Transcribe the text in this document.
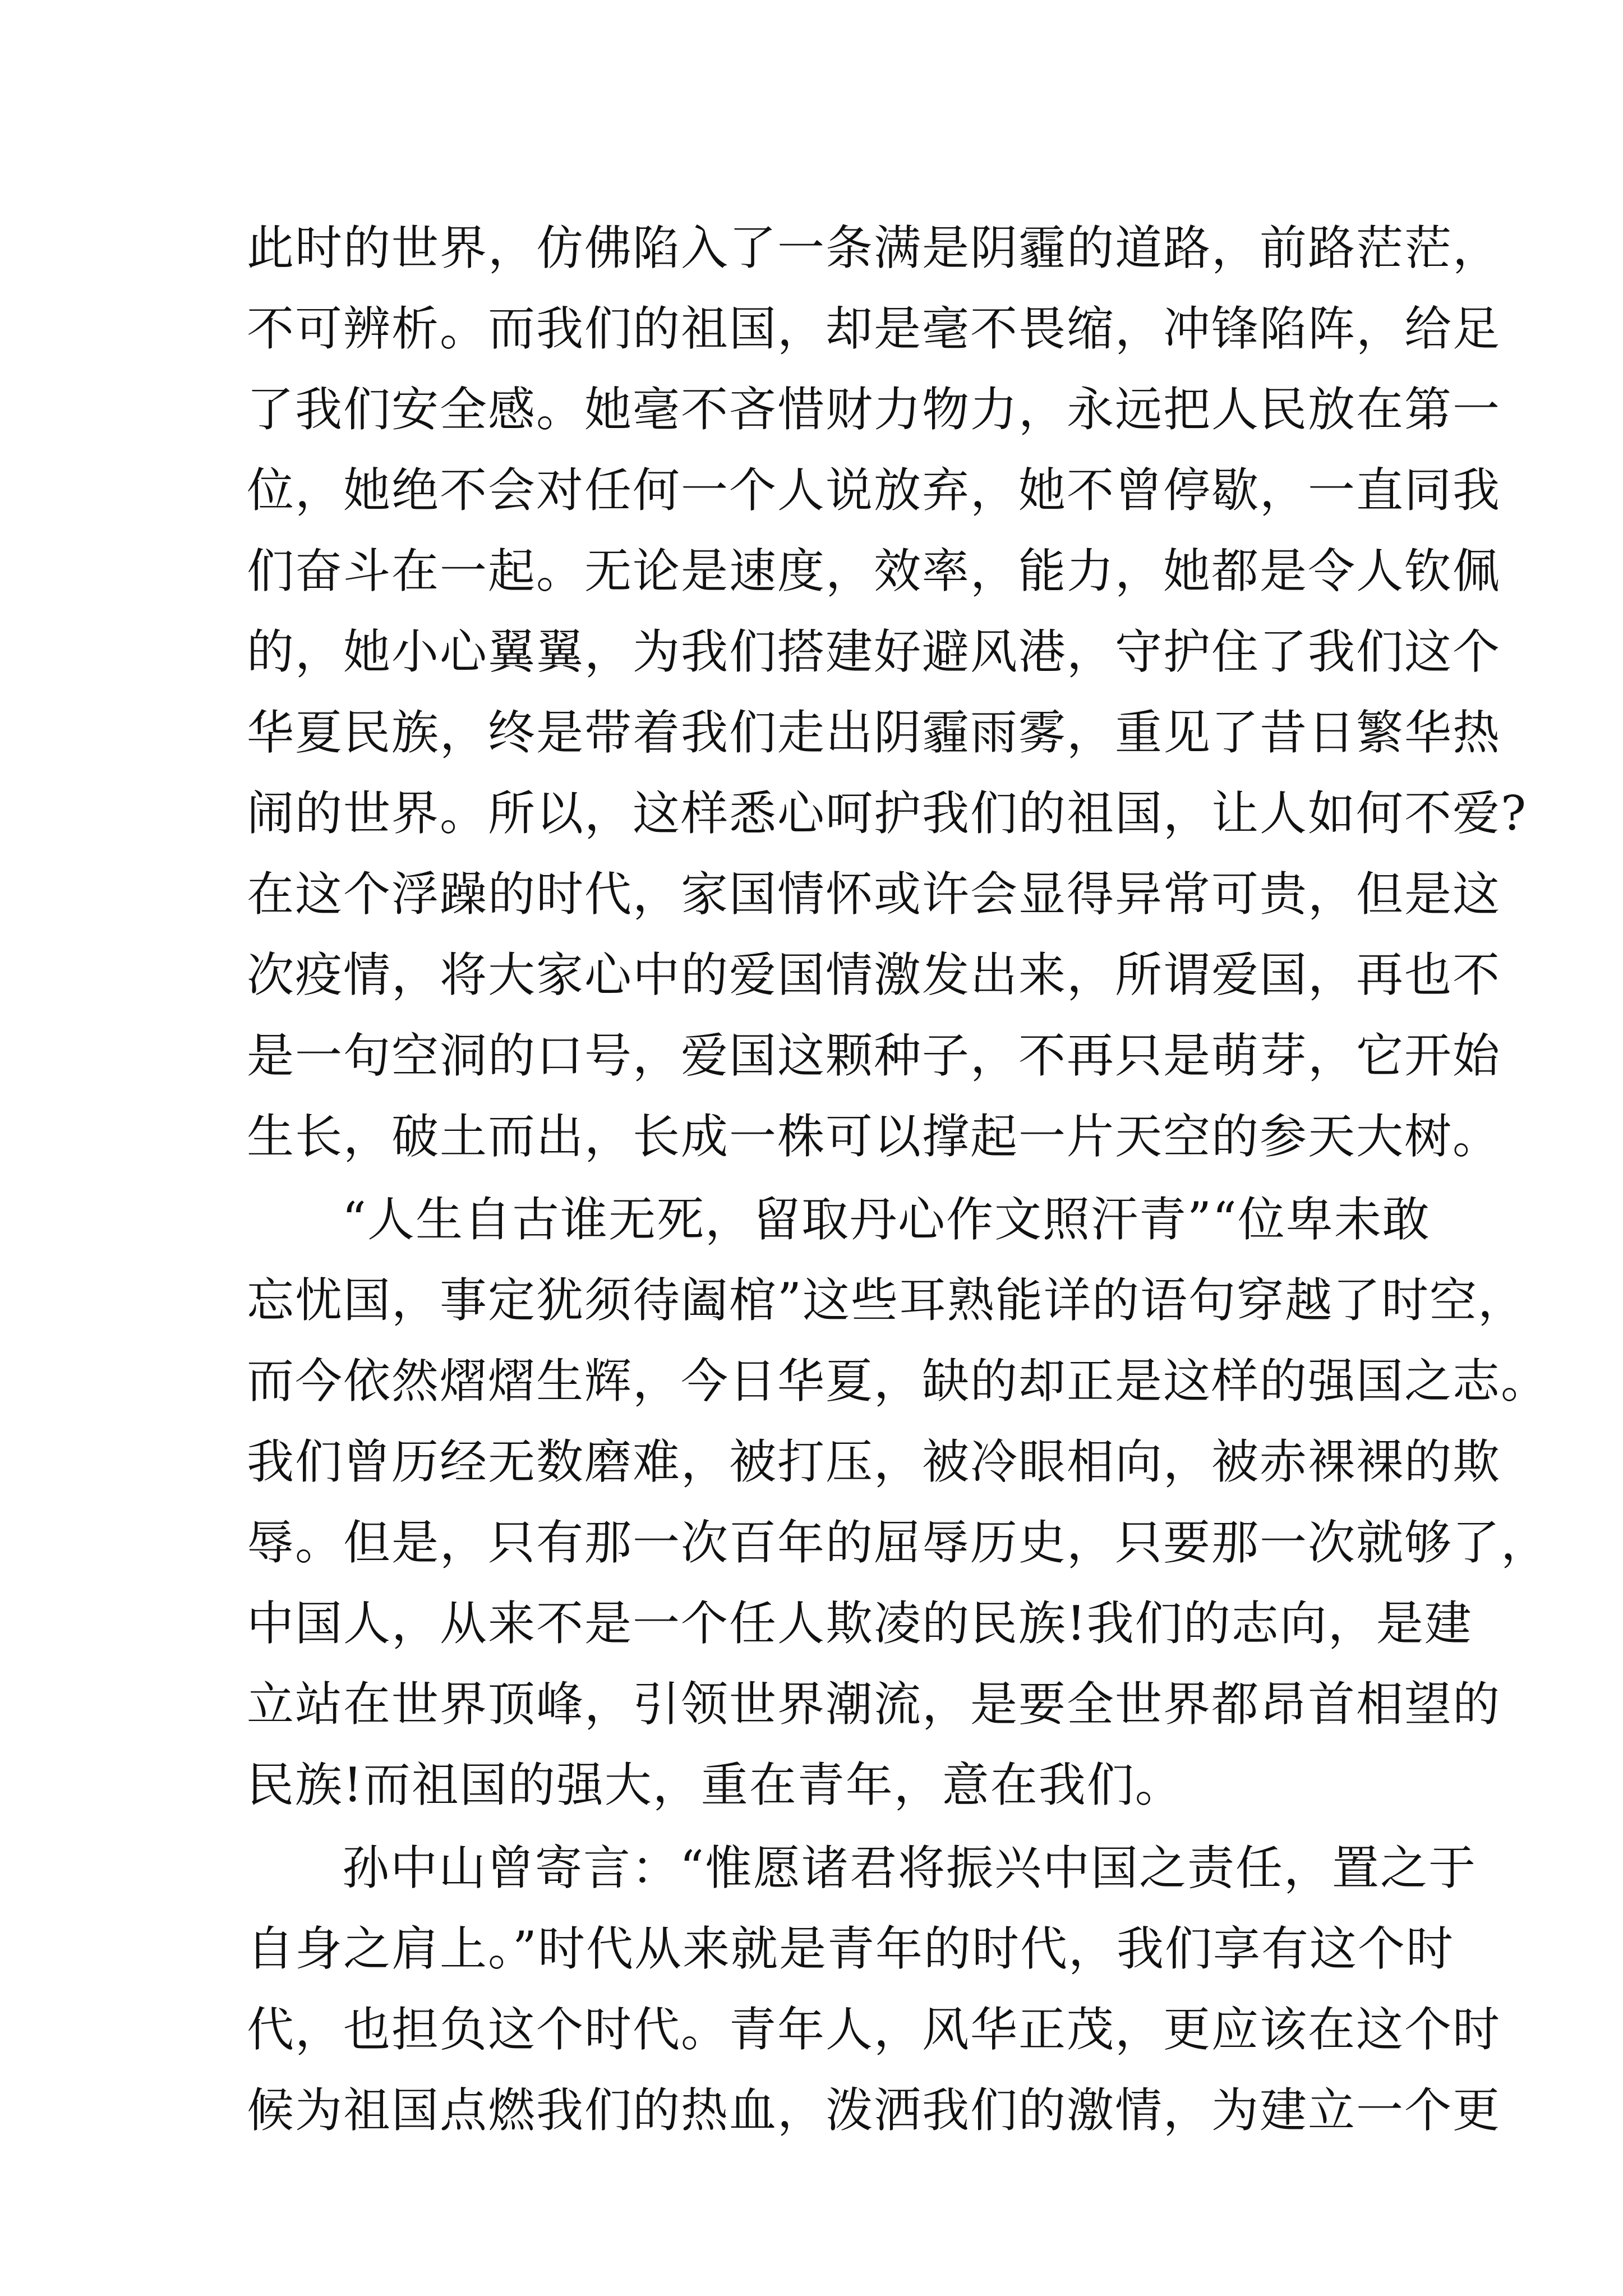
此时的世界，仿佛陷入了一条满是阴霾的道路，前路茫茫，
不可辨析。而我们的祖国，却是毫不畏缩，冲锋陷阵，给足
了我们安全感。她毫不吝惜财力物力，永远把人民放在第一
位，她绝不会对任何一个人说放弃，她不曾停歇，一直同我
们奋斗在一起。无论是速度，效率，能力，她都是令人钦佩
的，她小心翼翼，为我们搭建好避风港，守护住了我们这个
华夏民族，终是带着我们走出阴霾雨雾，重见了昔日繁华热
闹的世界。所以，这样悉心呵护我们的祖国，让人如何不爱?
在这个浮躁的时代，家国情怀或许会显得异常可贵，但是这
次疫情，将大家心中的爱国情激发出来，所谓爱国，再也不
是一句空洞的口号，爱国这颗种子，不再只是萌芽，它开始
生长，破土而出，长成一株可以撑起一片天空的参天大树。
“人生自古谁无死，留取丹心作文照汗青”“位卑未敢
忘忧国，事定犹须待阖棺”这些耳熟能详的语句穿越了时空，
而今依然熠熠生辉，今日华夏，缺的却正是这样的强国之志。
我们曾历经无数磨难，被打压，被冷眼相向，被赤裸裸的欺
辱。但是，只有那一次百年的屈辱历史，只要那一次就够了，
中国人，从来不是一个任人欺凌的民族!我们的志向，是建
立站在世界顶峰，引领世界潮流，是要全世界都昂首相望的
民族!而祖国的强大，重在青年，意在我们。
孙中山曾寄言：“惟愿诸君将振兴中国之责任，置之于
自身之肩上。”时代从来就是青年的时代，我们享有这个时
代，也担负这个时代。青年人，风华正茂，更应该在这个时
候为祖国点燃我们的热血，泼洒我们的激情，为建立一个更
